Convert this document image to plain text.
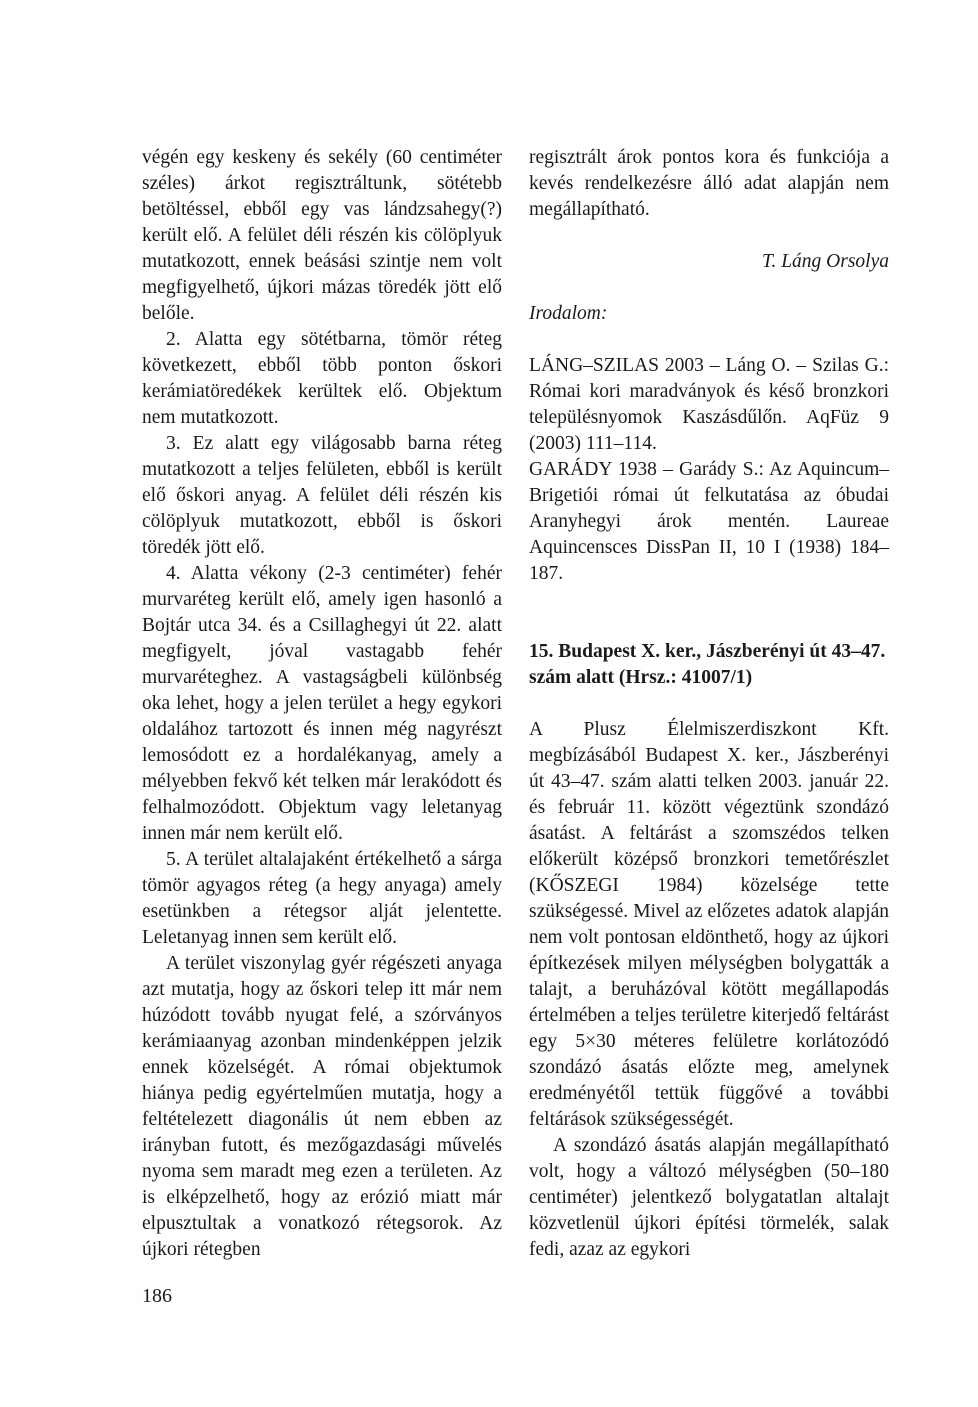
végén egy keskeny és sekély (60 centiméter széles) árkot regisztráltunk, sötétebb betöltéssel, ebből egy vas lándzsahegy(?) került elő. A felület déli részén kis cölöplyuk mutatkozott, ennek beásási szintje nem volt megfigyelhető, újkori mázas töredék jött elő belőle.

2. Alatta egy sötétbarna, tömör réteg következett, ebből több ponton őskori kerámiatöredékek kerültek elő. Objektum nem mutatkozott.

3. Ez alatt egy világosabb barna réteg mutatkozott a teljes felületen, ebből is került elő őskori anyag. A felület déli részén kis cölöplyuk mutatkozott, ebből is őskori töredék jött elő.

4. Alatta vékony (2-3 centiméter) fehér murvaréteg került elő, amely igen hasonló a Bojtár utca 34. és a Csillaghegyi út 22. alatt megfigyelt, jóval vastagabb fehér murvaréteghez. A vastagságbeli különbség oka lehet, hogy a jelen terület a hegy egykori oldalához tartozott és innen még nagyrészt lemosódott ez a hordalékanyag, amely a mélyebben fekvő két telken már lerakódott és felhalmozódott. Objektum vagy leletanyag innen már nem került elő.

5. A terület altalajaként értékelhető a sárga tömör agyagos réteg (a hegy anyaga) amely esetünkben a rétegsor alját jelentette. Leletanyag innen sem került elő.

A terület viszonylag gyér régészeti anyaga azt mutatja, hogy az őskori telep itt már nem húzódott tovább nyugat felé, a szórványos kerámiaanyag azonban mindenképpen jelzik ennek közelségét. A római objektumok hiánya pedig egyértelműen mutatja, hogy a feltételezett diagonális út nem ebben az irányban futott, és mezőgazdasági művelés nyoma sem maradt meg ezen a területen. Az is elképzelhető, hogy az erózió miatt már elpusztultak a vonatkozó rétegsorok. Az újkori rétegben

regisztrált árok pontos kora és funkciója a kevés rendelkezésre álló adat alapján nem megállapítható.

T. Láng Orsolya

Irodalom:

LÁNG–SZILAS 2003 – Láng O. – Szilas G.: Római kori maradványok és késő bronzkori településnyomok Kaszásdűlőn. AqFüz 9 (2003) 111–114.

GARÁDY 1938 – Garády S.: Az Aquincum–Brigetiói római út felkutatása az óbudai Aranyhegyi árok mentén. Laureae Aquincensces DissPan II, 10 I (1938) 184–187.

15. Budapest X. ker., Jászberényi út 43–47. szám alatt (Hrsz.: 41007/1)

A Plusz Élelmiszerdiszkont Kft. megbízásából Budapest X. ker., Jászberényi út 43–47. szám alatti telken 2003. január 22. és február 11. között végeztünk szondázó ásatást. A feltárást a szomszédos telken előkerült középső bronzkori temetőrészlet (KŐSZEGI 1984) közelsége tette szükségessé. Mivel az előzetes adatok alapján nem volt pontosan eldönthető, hogy az újkori építkezések milyen mélységben bolygatták a talajt, a beruházóval kötött megállapodás értelmében a teljes területre kiterjedő feltárást egy 5×30 méteres felületre korlátozódó szondázó ásatás előzte meg, amelynek eredményétől tettük függővé a további feltárások szükségességét.

A szondázó ásatás alapján megállapítható volt, hogy a változó mélységben (50–180 centiméter) jelentkező bolygatatlan altalajt közvetlenül újkori építési törmelék, salak fedi, azaz az egykori

186
